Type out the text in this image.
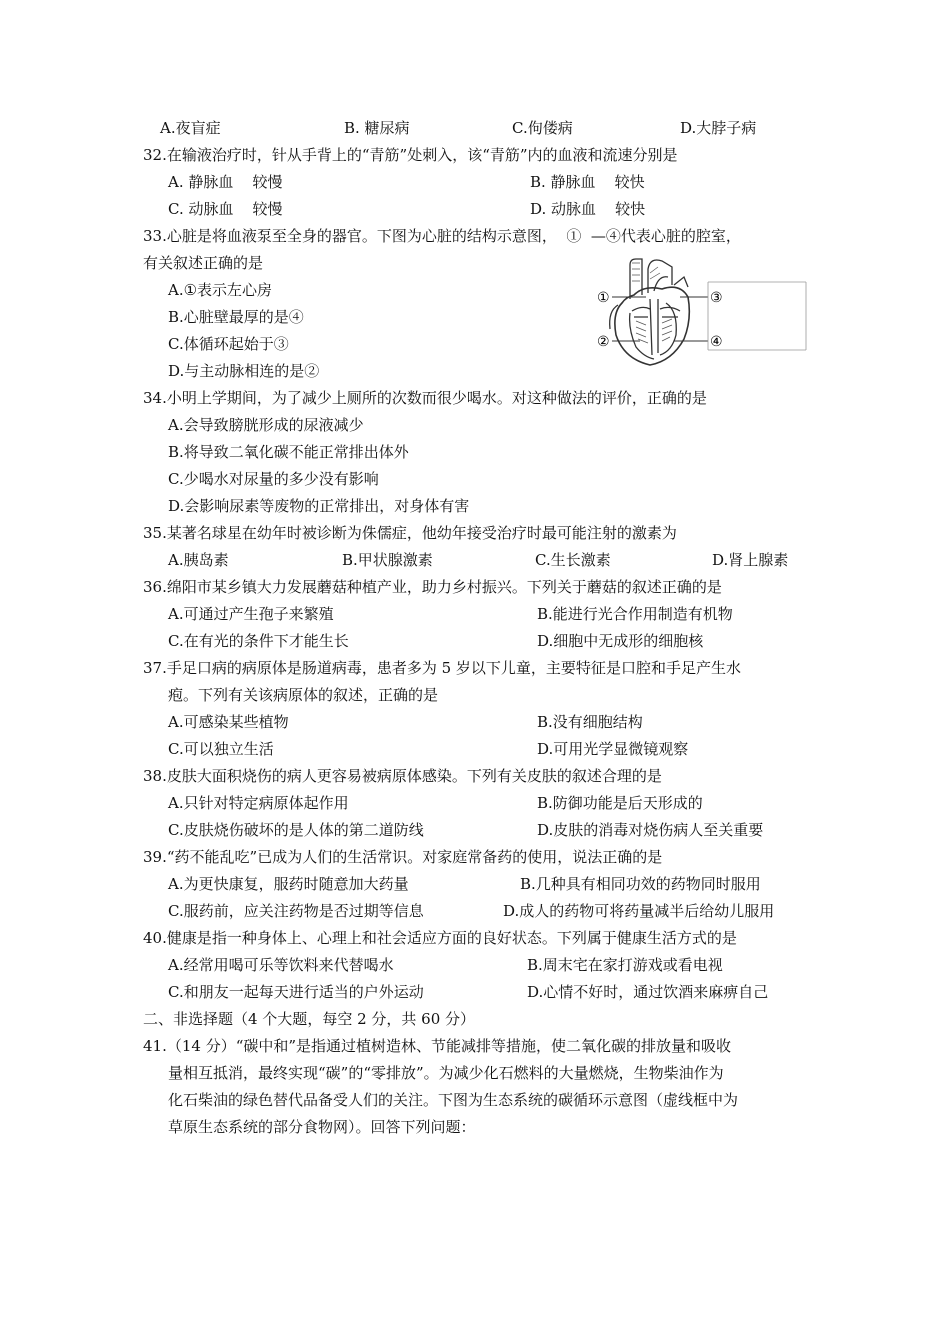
A.夜盲症	B. 糖尿病	C.佝偻病	D.大脖子病
32.在输液治疗时，针从手背上的“青筋”处刺入，该“青筋”内的血液和流速分别是
A. 静脉血    较慢	B. 静脉血    较快
C. 动脉血    较慢	D. 动脉血    较快
33.心脏是将血液泵至全身的器官。下图为心脏的结构示意图，  ①  —④代表心脏的腔室，
有关叙述正确的是
A.①表示左心房
B.心脏壁最厚的是④
C.体循环起始于③
D.与主动脉相连的是②
①
②
③
④
34.小明上学期间，为了减少上厕所的次数而很少喝水。对这种做法的评价，正确的是
A.会导致膀胱形成的尿液减少
B.将导致二氧化碳不能正常排出体外
C.少喝水对尿量的多少没有影响
D.会影响尿素等废物的正常排出，对身体有害
35.某著名球星在幼年时被诊断为侏儒症，他幼年接受治疗时最可能注射的激素为
A.胰岛素	B.甲状腺激素	C.生长激素	D.肾上腺素
36.绵阳市某乡镇大力发展蘑菇种植产业，助力乡村振兴。下列关于蘑菇的叙述正确的是
A.可通过产生孢子来繁殖	B.能进行光合作用制造有机物
C.在有光的条件下才能生长	D.细胞中无成形的细胞核
37.手足口病的病原体是肠道病毒，患者多为 5 岁以下儿童，主要特征是口腔和手足产生水
疱。下列有关该病原体的叙述，正确的是
A.可感染某些植物	B.没有细胞结构
C.可以独立生活	D.可用光学显微镜观察
38.皮肤大面积烧伤的病人更容易被病原体感染。下列有关皮肤的叙述合理的是
A.只针对特定病原体起作用	B.防御功能是后天形成的
C.皮肤烧伤破坏的是人体的第二道防线	D.皮肤的消毒对烧伤病人至关重要
39.“药不能乱吃”已成为人们的生活常识。对家庭常备药的使用，说法正确的是
A.为更快康复，服药时随意加大药量	B.几种具有相同功效的药物同时服用
C.服药前，应关注药物是否过期等信息	D.成人的药物可将药量减半后给幼儿服用
40.健康是指一种身体上、心理上和社会适应方面的良好状态。下列属于健康生活方式的是
A.经常用喝可乐等饮料来代替喝水	B.周末宅在家打游戏或看电视
C.和朋友一起每天进行适当的户外运动	D.心情不好时，通过饮酒来麻痹自己
二、非选择题（4 个大题，每空 2 分，共 60 分）
41.（14 分）“碳中和”是指通过植树造林、节能减排等措施，使二氧化碳的排放量和吸收
量相互抵消，最终实现“碳”的“零排放”。为减少化石燃料的大量燃烧，生物柴油作为
化石柴油的绿色替代品备受人们的关注。下图为生态系统的碳循环示意图（虚线框中为
草原生态系统的部分食物网）。回答下列问题：
